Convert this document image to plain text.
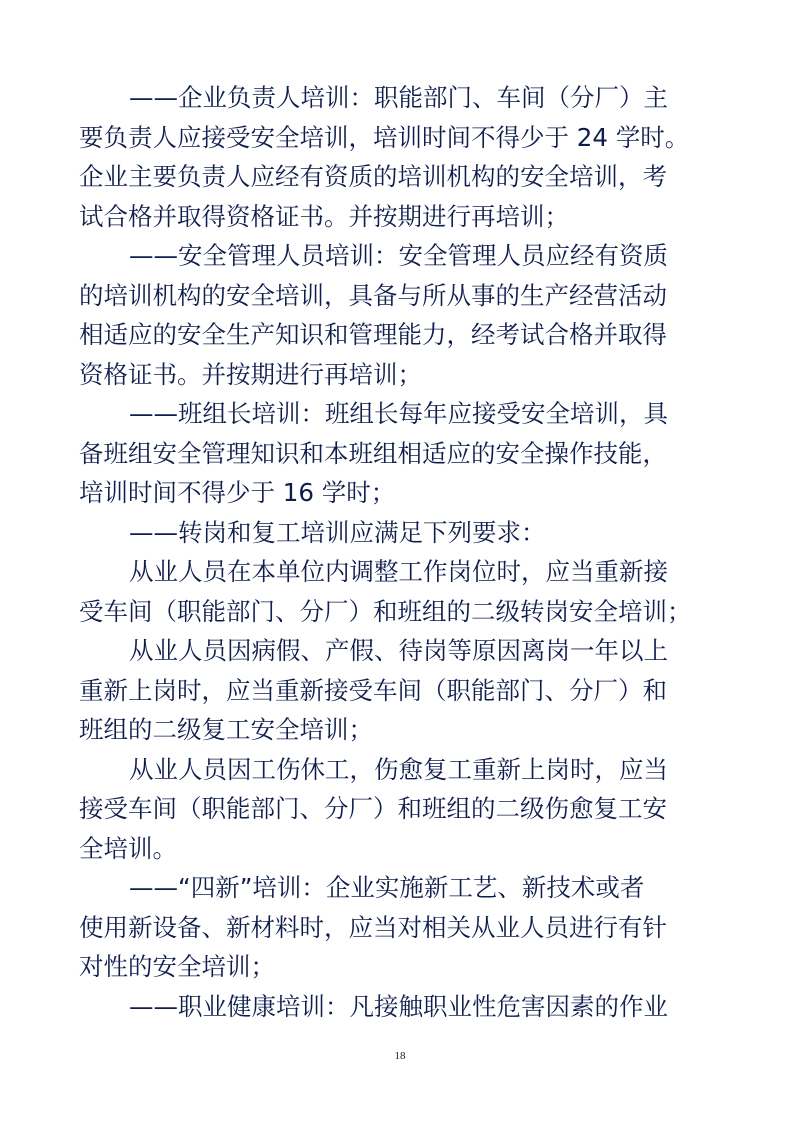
——企业负责人培训：职能部门、车间（分厂）主
要负责人应接受安全培训，培训时间不得少于 24 学时。
企业主要负责人应经有资质的培训机构的安全培训，考
试合格并取得资格证书。并按期进行再培训；
——安全管理人员培训：安全管理人员应经有资质
的培训机构的安全培训，具备与所从事的生产经营活动
相适应的安全生产知识和管理能力，经考试合格并取得
资格证书。并按期进行再培训；
——班组长培训：班组长每年应接受安全培训，具
备班组安全管理知识和本班组相适应的安全操作技能，
培训时间不得少于 16 学时；
——转岗和复工培训应满足下列要求：
从业人员在本单位内调整工作岗位时，应当重新接
受车间（职能部门、分厂）和班组的二级转岗安全培训；
从业人员因病假、产假、待岗等原因离岗一年以上
重新上岗时，应当重新接受车间（职能部门、分厂）和
班组的二级复工安全培训；
从业人员因工伤休工，伤愈复工重新上岗时，应当
接受车间（职能部门、分厂）和班组的二级伤愈复工安
全培训。
——“四新”培训：企业实施新工艺、新技术或者
使用新设备、新材料时，应当对相关从业人员进行有针
对性的安全培训；
——职业健康培训：凡接触职业性危害因素的作业
18
